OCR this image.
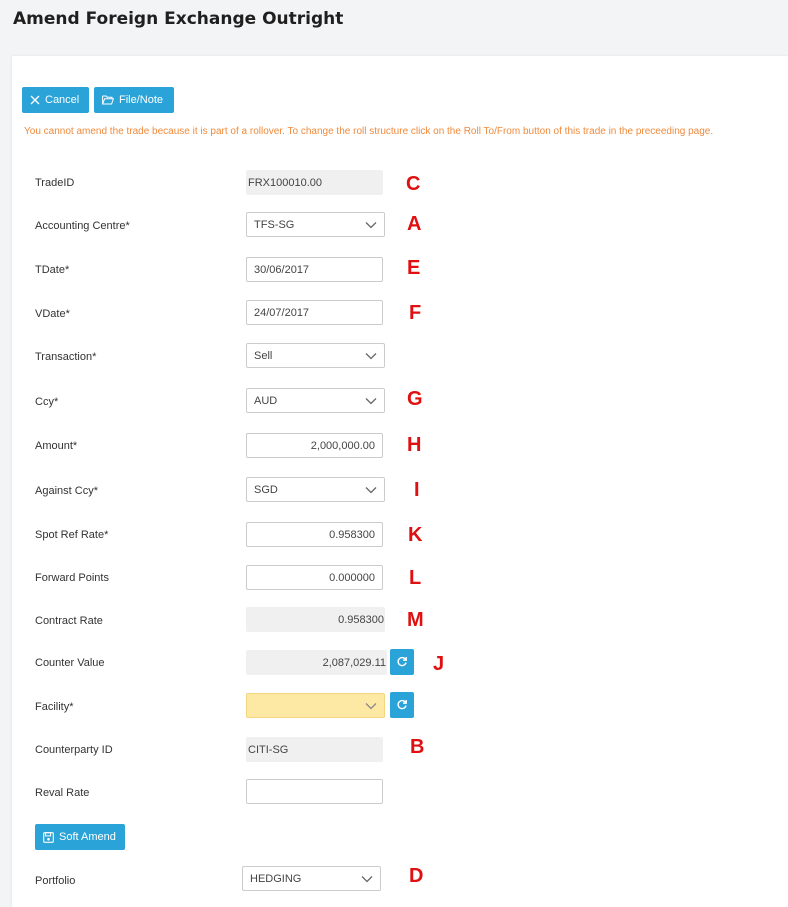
Amend Foreign Exchange Outright
Cancel	File/Note
You cannot amend the trade because it is part of a rollover. To change the roll structure click on the Roll To/From button of this trade in the preceeding page.
TradeID	FRX100010.00	C
Accounting Centre*	TFS-SG	A
TDate*	30/06/2017	E
VDate*	24/07/2017	F
Transaction*	Sell
Ccy*	AUD	G
Amount*	2,000,000.00 H
Against Ccy*	SGD	I
Spot Ref Rate*	0.958300 K
Forward Points	0.000000 L
Contract Rate	0.958300 M
Counter Value	2,087,029.11 J
Facility*
Counterparty ID	CITI-SG	B
Reval Rate
Soft Amend
Portfolio	HEDGING	D
